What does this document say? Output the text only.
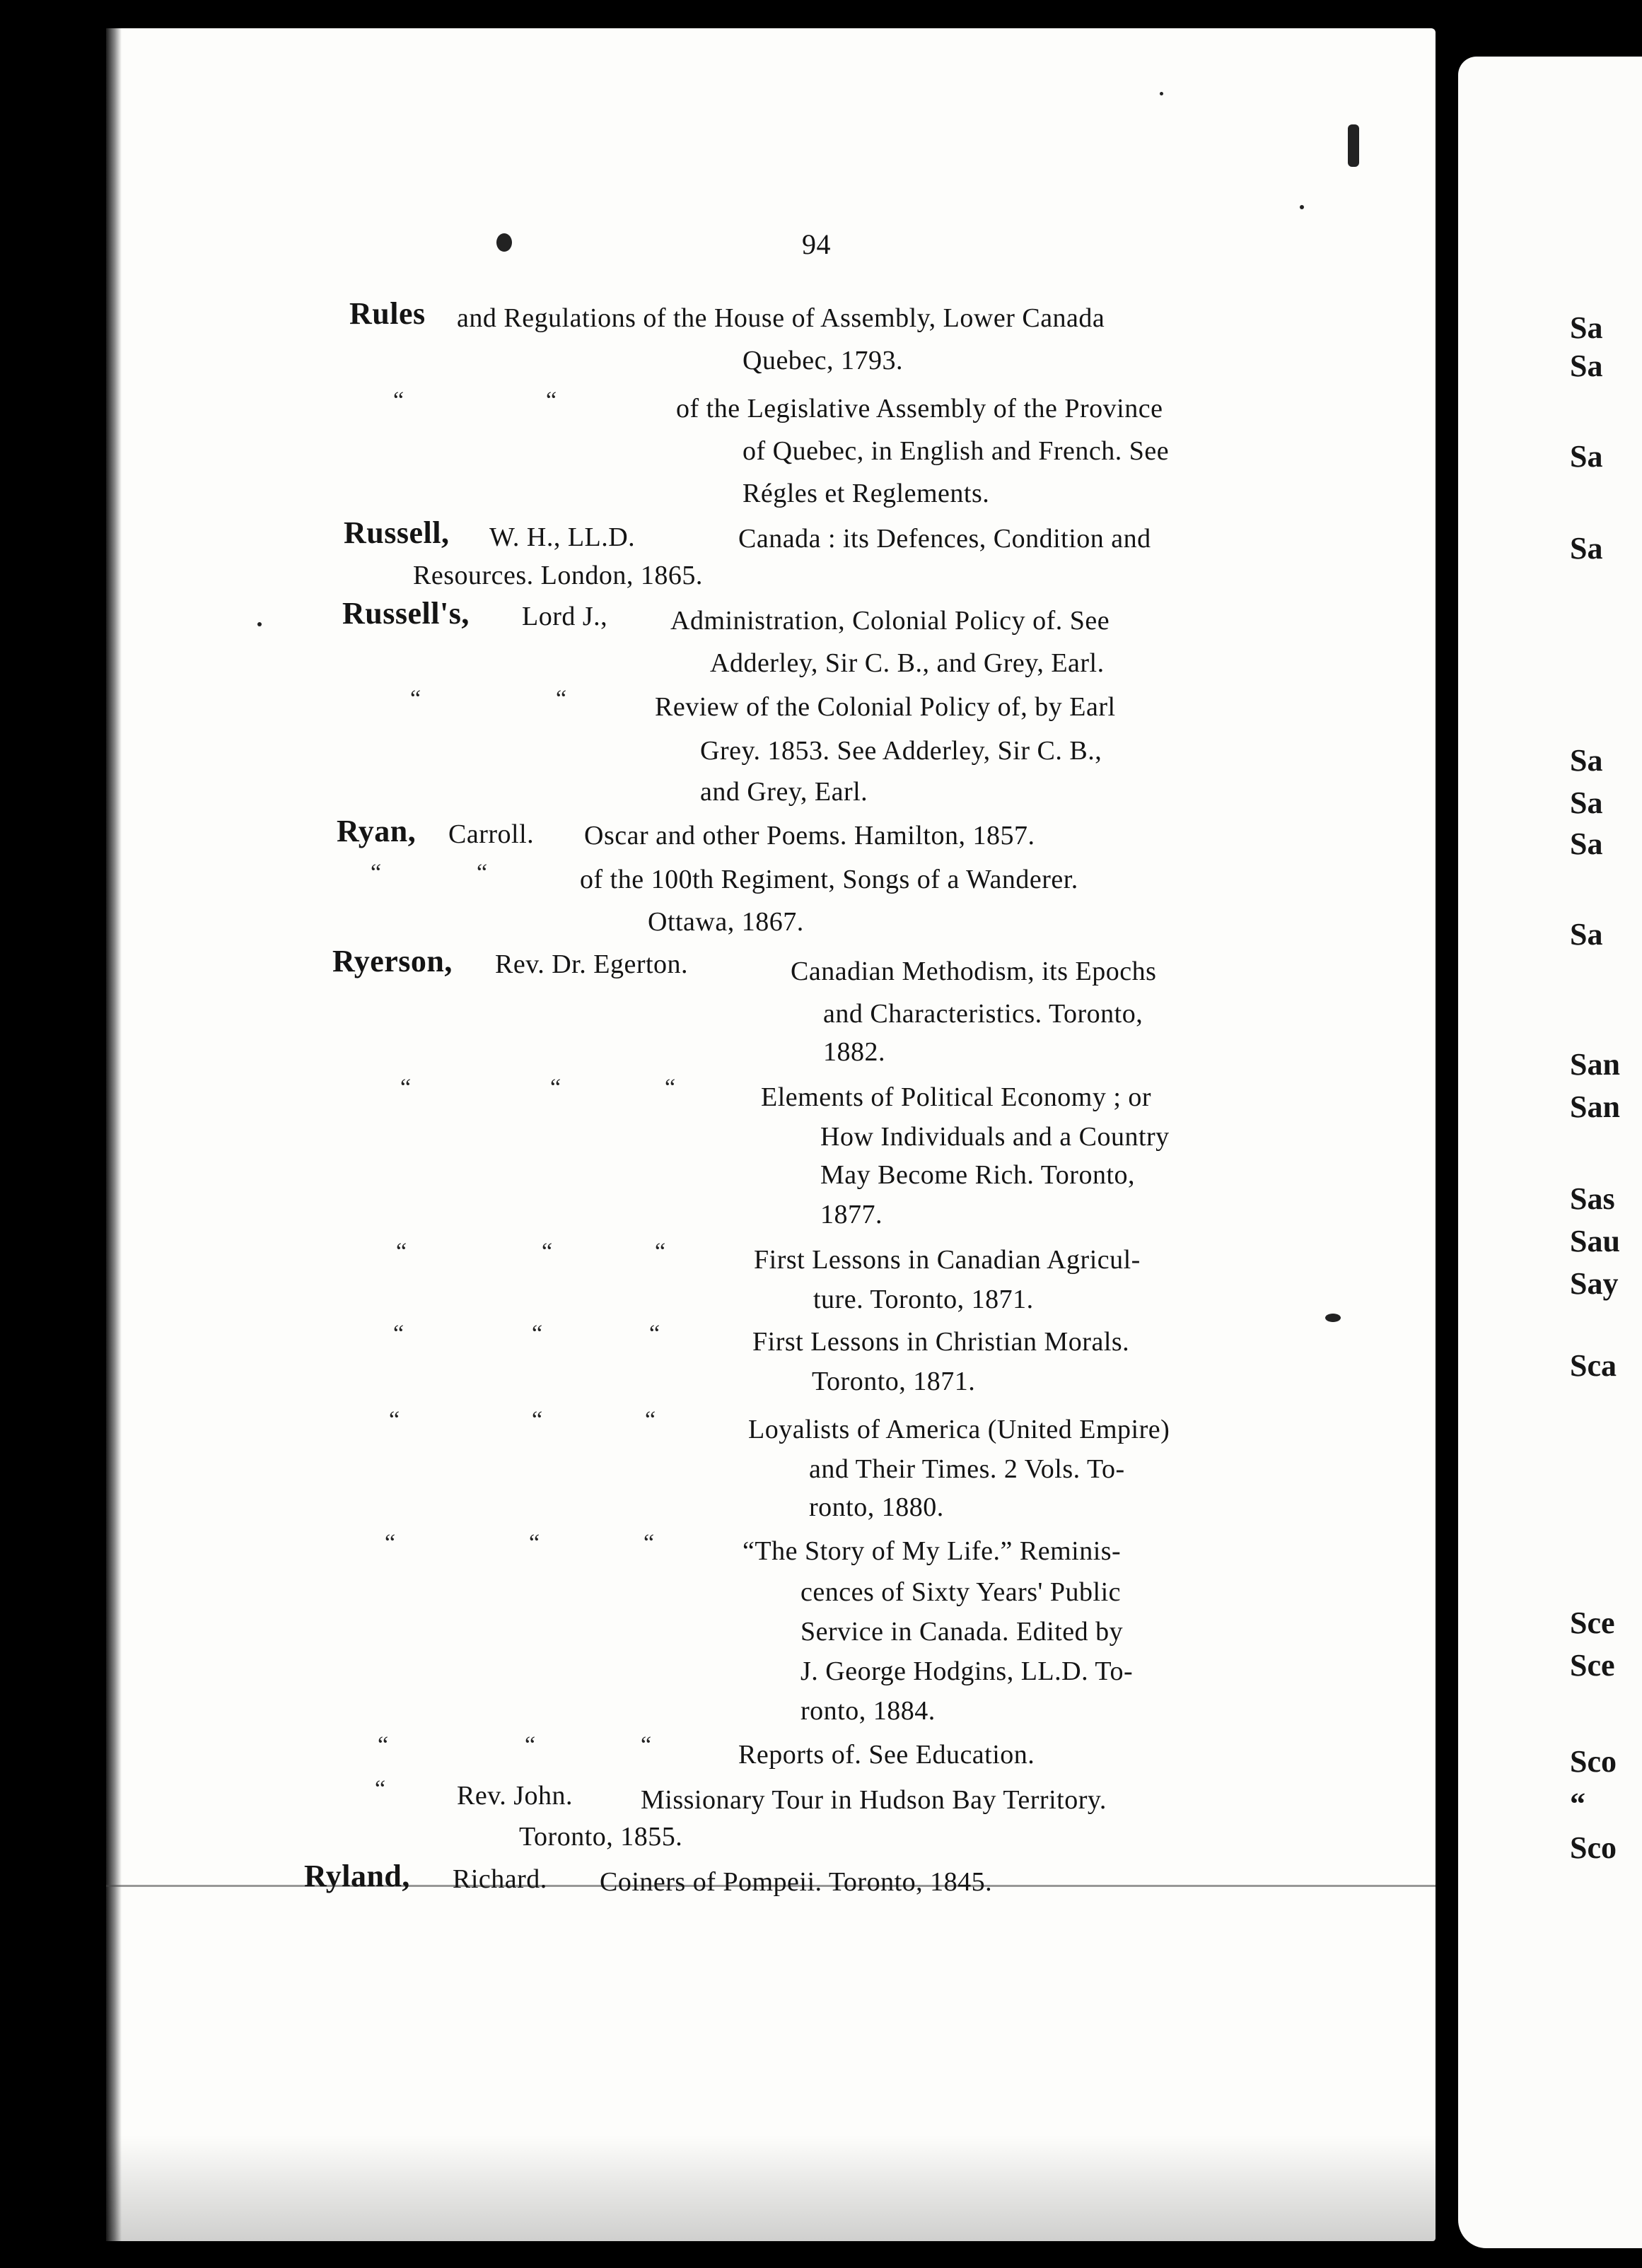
Sa
Sa
Sa
Sa
Sa
Sa
Sa
Sa
San
San
Sas
Sau
Say
Sca
Sce
Sce
Sco
“
Sco
94
Rules and Regulations of the House of Assembly, Lower Canada
Quebec, 1793.
“	“	of the Legislative Assembly of the Province
of Quebec, in English and French. See
Régles et Reglements.
Russell, W. H., LL.D.	Canada : its Defences, Condition and
Resources. London, 1865.
Russell's, Lord J., Administration, Colonial Policy of. See
Adderley, Sir C. B., and Grey, Earl.
“	“	Review of the Colonial Policy of, by Earl
Grey. 1853. See Adderley, Sir C. B.,
and Grey, Earl.
Ryan, Carroll. Oscar and other Poems. Hamilton, 1857.
“	“	of the 100th Regiment, Songs of a Wanderer.
Ottawa, 1867.
Ryerson, Rev. Dr. Egerton.	Canadian Methodism, its Epochs
and Characteristics. Toronto,
1882.
“	“	“	Elements of Political Economy ; or
How Individuals and a Country
May Become Rich. Toronto,
1877.
“	“	“	First Lessons in Canadian Agricul-
ture. Toronto, 1871.
“	“	“	First Lessons in Christian Morals.
Toronto, 1871.
“	“	“	Loyalists of America (United Empire)
and Their Times. 2 Vols. To-
ronto, 1880.
“	“	“	“The Story of My Life.” Reminis-
cences of Sixty Years' Public
Service in Canada. Edited by
J. George Hodgins, LL.D. To-
ronto, 1884.
“	“	“	Reports of. See Education.
“	Rev. John.	Missionary Tour in Hudson Bay Territory.
Toronto, 1855.
Ryland, Richard. Coiners of Pompeii. Toronto, 1845.
